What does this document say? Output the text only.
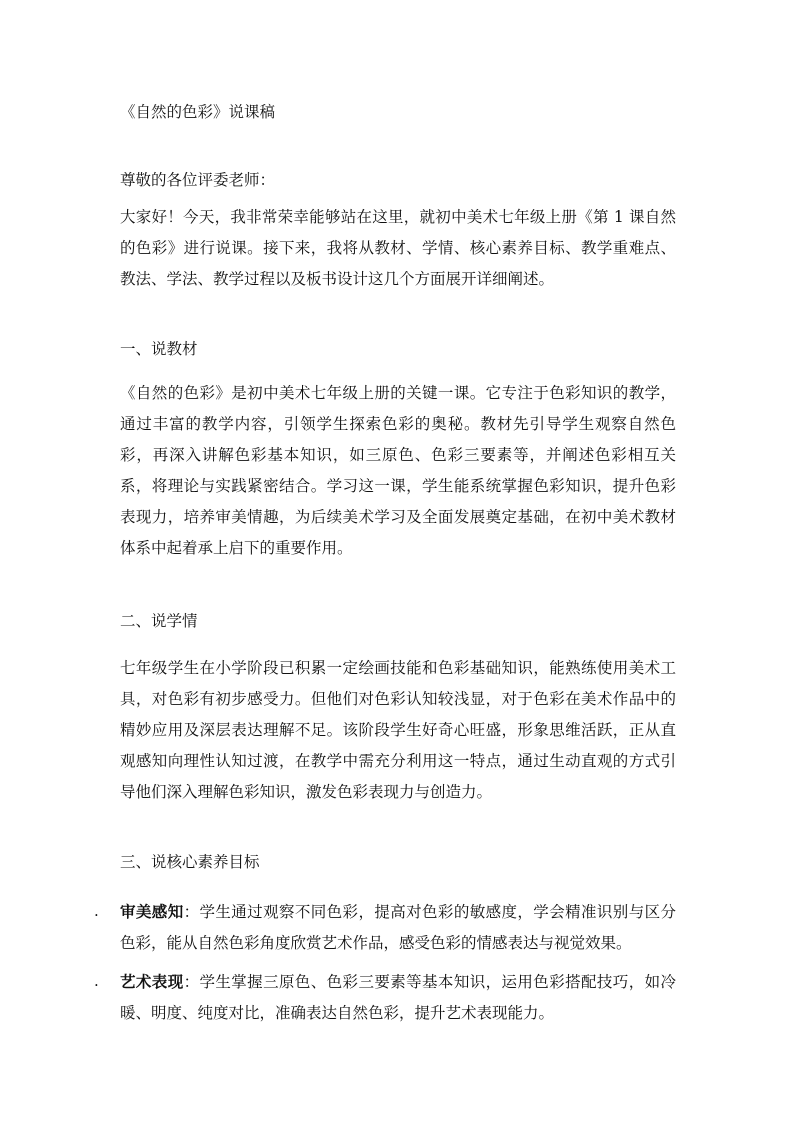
《自然的色彩》说课稿
尊敬的各位评委老师：
大家好！今天，我非常荣幸能够站在这里，就初中美术七年级上册《第 1 课自然的色彩》进行说课。接下来，我将从教材、学情、核心素养目标、教学重难点、教法、学法、教学过程以及板书设计这几个方面展开详细阐述。
一、说教材
《自然的色彩》是初中美术七年级上册的关键一课。它专注于色彩知识的教学，通过丰富的教学内容，引领学生探索色彩的奥秘。教材先引导学生观察自然色彩，再深入讲解色彩基本知识，如三原色、色彩三要素等，并阐述色彩相互关系，将理论与实践紧密结合。学习这一课，学生能系统掌握色彩知识，提升色彩表现力，培养审美情趣，为后续美术学习及全面发展奠定基础，在初中美术教材体系中起着承上启下的重要作用。
二、说学情
七年级学生在小学阶段已积累一定绘画技能和色彩基础知识，能熟练使用美术工具，对色彩有初步感受力。但他们对色彩认知较浅显，对于色彩在美术作品中的精妙应用及深层表达理解不足。该阶段学生好奇心旺盛，形象思维活跃，正从直观感知向理性认知过渡，在教学中需充分利用这一特点，通过生动直观的方式引导他们深入理解色彩知识，激发色彩表现力与创造力。
三、说核心素养目标
. 审美感知：学生通过观察不同色彩，提高对色彩的敏感度，学会精准识别与区分色彩，能从自然色彩角度欣赏艺术作品，感受色彩的情感表达与视觉效果。
. 艺术表现：学生掌握三原色、色彩三要素等基本知识，运用色彩搭配技巧，如冷暖、明度、纯度对比，准确表达自然色彩，提升艺术表现能力。
